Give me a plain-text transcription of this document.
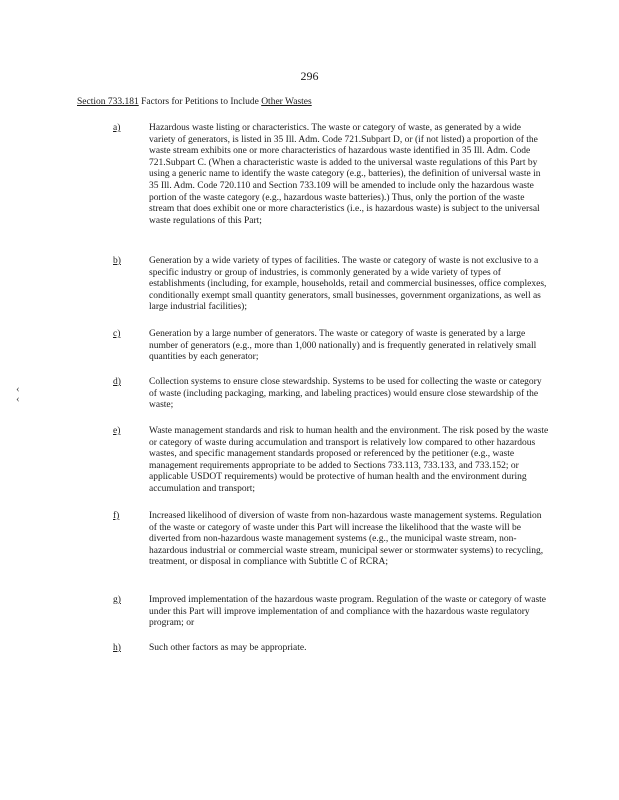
296
Section 733.181 Factors for Petitions to Include Other Wastes
a)	Hazardous waste listing or characteristics. The waste or category of waste, as generated by a wide variety of generators, is listed in 35 Ill. Adm. Code 721.Subpart D, or (if not listed) a proportion of the waste stream exhibits one or more characteristics of hazardous waste identified in 35 Ill. Adm. Code 721.Subpart C. (When a characteristic waste is added to the universal waste regulations of this Part by using a generic name to identify the waste category (e.g., batteries), the definition of universal waste in 35 Ill. Adm. Code 720.110 and Section 733.109 will be amended to include only the hazardous waste portion of the waste category (e.g., hazardous waste batteries).) Thus, only the portion of the waste stream that does exhibit one or more characteristics (i.e., is hazardous waste) is subject to the universal waste regulations of this Part;
b)	Generation by a wide variety of types of facilities. The waste or category of waste is not exclusive to a specific industry or group of industries, is commonly generated by a wide variety of types of establishments (including, for example, households, retail and commercial businesses, office complexes, conditionally exempt small quantity generators, small businesses, government organizations, as well as large industrial facilities);
c)	Generation by a large number of generators. The waste or category of waste is generated by a large number of generators (e.g., more than 1,000 nationally) and is frequently generated in relatively small quantities by each generator;
d)	Collection systems to ensure close stewardship. Systems to be used for collecting the waste or category of waste (including packaging, marking, and labeling practices) would ensure close stewardship of the waste;
e)	Waste management standards and risk to human health and the environment. The risk posed by the waste or category of waste during accumulation and transport is relatively low compared to other hazardous wastes, and specific management standards proposed or referenced by the petitioner (e.g., waste management requirements appropriate to be added to Sections 733.113, 733.133, and 733.152; or applicable USDOT requirements) would be protective of human health and the environment during accumulation and transport;
f)	Increased likelihood of diversion of waste from non-hazardous waste management systems. Regulation of the waste or category of waste under this Part will increase the likelihood that the waste will be diverted from non-hazardous waste management systems (e.g., the municipal waste stream, non-hazardous industrial or commercial waste stream, municipal sewer or stormwater systems) to recycling, treatment, or disposal in compliance with Subtitle C of RCRA;
g)	Improved implementation of the hazardous waste program. Regulation of the waste or category of waste under this Part will improve implementation of and compliance with the hazardous waste regulatory program; or
h)	Such other factors as may be appropriate.
‹
‹
